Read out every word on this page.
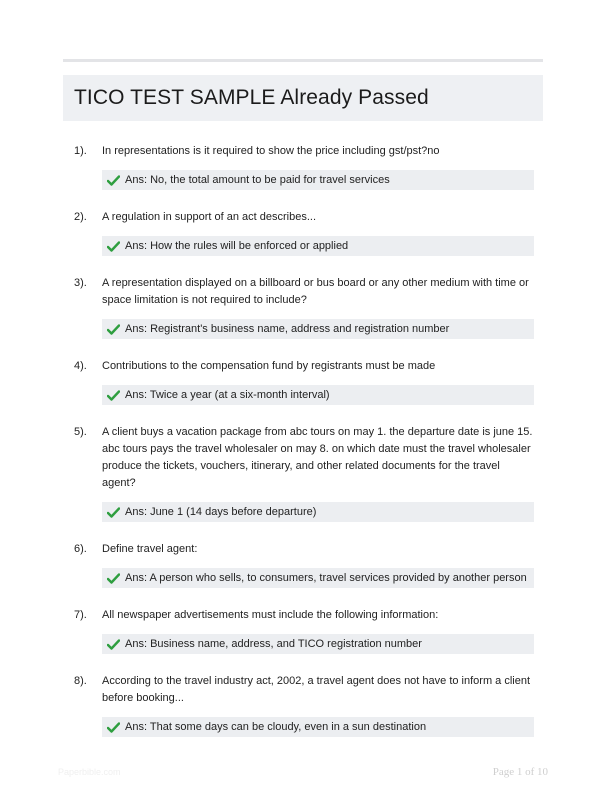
TICO TEST SAMPLE Already Passed
1). In representations is it required to show the price including gst/pst?no
Ans: No, the total amount to be paid for travel services
2). A regulation in support of an act describes...
Ans: How the rules will be enforced or applied
3). A representation displayed on a billboard or bus board or any other medium with time or space limitation is not required to include?
Ans: Registrant's business name, address and registration number
4). Contributions to the compensation fund by registrants must be made
Ans: Twice a year (at a six-month interval)
5). A client buys a vacation package from abc tours on may 1. the departure date is june 15. abc tours pays the travel wholesaler on may 8. on which date must the travel wholesaler produce the tickets, vouchers, itinerary, and other related documents for the travel agent?
Ans: June 1 (14 days before departure)
6). Define travel agent:
Ans: A person who sells, to consumers, travel services provided by another person
7). All newspaper advertisements must include the following information:
Ans: Business name, address, and TICO registration number
8). According to the travel industry act, 2002, a travel agent does not have to inform a client before booking...
Ans: That some days can be cloudy, even in a sun destination
Paperbible.com	Page 1 of 10
